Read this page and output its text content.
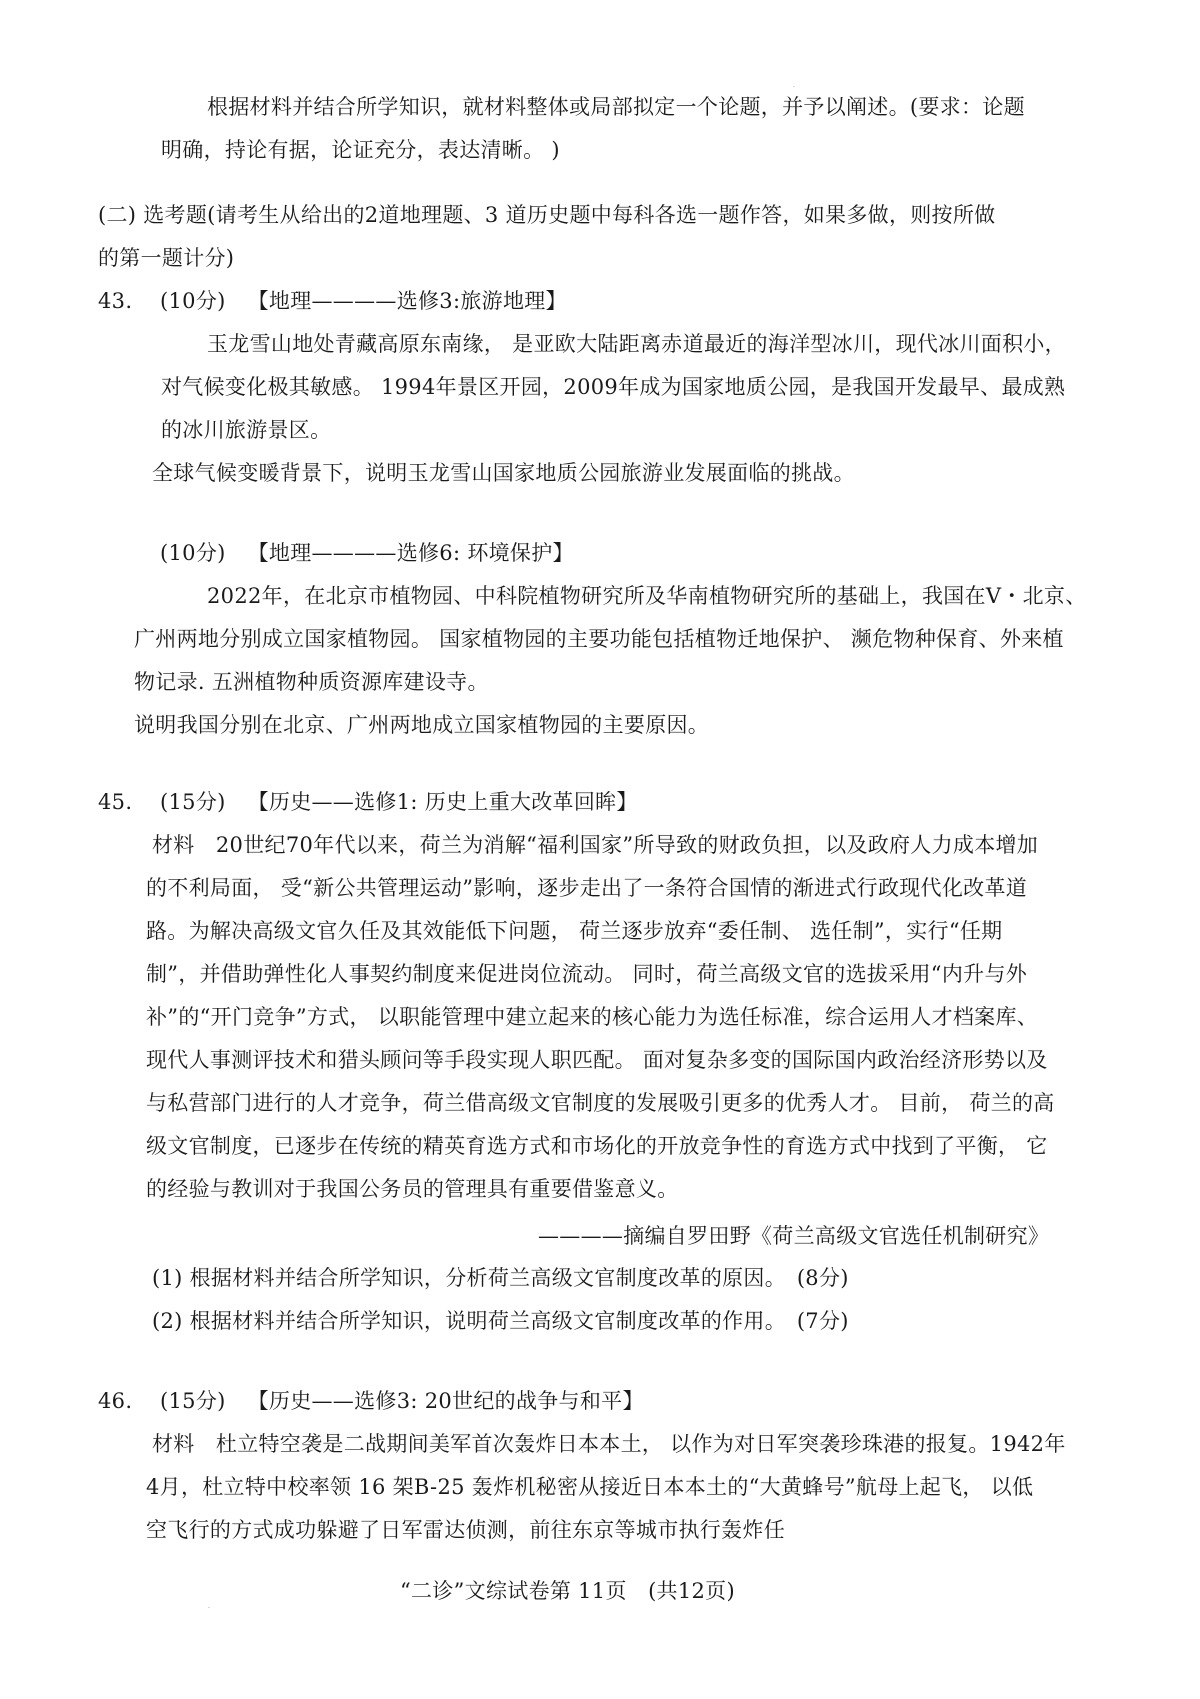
根据材料并结合所学知识，就材料整体或局部拟定一个论题，并予以阐述。(要求：论题
·
明确，持论有据，论证充分，表达清晰。 )
(二) 选考题(请考生从给出的2道地理题、3 道历史题中每科各选一题作答，如果多做，则按所做
的第一题计分)
43. (10分) 【地理————选修3:旅游地理】
玉龙雪山地处青藏高原东南缘， 是亚欧大陆距离赤道最近的海洋型冰川，现代冰川面积小，
对气候变化极其敏感。 1994年景区开园，2009年成为国家地质公园，是我国开发最早、最成熟
的冰川旅游景区。
全球气候变暖背景下，说明玉龙雪山国家地质公园旅游业发展面临的挑战。
(10分) 【地理————选修6: 环境保护】
2022年，在北京市植物园、中科院植物研究所及华南植物研究所的基础上，我国在V・北京、
广州两地分别成立国家植物园。 国家植物园的主要功能包括植物迁地保护、 濒危物种保育、外来植
物记录. 五洲植物种质资源库建设寺。
说明我国分别在北京、广州两地成立国家植物园的主要原因。
45. (15分) 【历史——选修1: 历史上重大改革回眸】
材料　20世纪70年代以来，荷兰为消解“福利国家”所导致的财政负担，以及政府人力成本增加
的不利局面， 受“新公共管理运动”影响，逐步走出了一条符合国情的渐进式行政现代化改革道
路。为解决高级文官久任及其效能低下问题， 荷兰逐步放弃“委任制、 选任制”，实行“任期
制”，并借助弹性化人事契约制度来促进岗位流动。 同时，荷兰高级文官的选拔采用“内升与外
补”的“开门竞争”方式， 以职能管理中建立起来的核心能力为选任标准，综合运用人才档案库、
现代人事测评技术和猎头顾问等手段实现人职匹配。 面对复杂多变的国际国内政治经济形势以及
与私营部门进行的人才竞争，荷兰借高级文官制度的发展吸引更多的优秀人才。 目前， 荷兰的高
级文官制度，已逐步在传统的精英育选方式和市场化的开放竞争性的育选方式中找到了平衡， 它
的经验与教训对于我国公务员的管理具有重要借鉴意义。
————摘编自罗田野《荷兰高级文官选任机制研究》
(1) 根据材料并结合所学知识，分析荷兰高级文官制度改革的原因。　(8分)
(2) 根据材料并结合所学知识，说明荷兰高级文官制度改革的作用。　(7分)
46. (15分) 【历史——选修3: 20世纪的战争与和平】
材料　杜立特空袭是二战期间美军首次轰炸日本本土， 以作为对日军突袭珍珠港的报复。1942年
4月，杜立特中校率领 16 架B-25 轰炸机秘密从接近日本本土的“大黄蜂号”航母上起飞， 以低
空飞行的方式成功躲避了日军雷达侦测，前往东京等城市执行轰炸任
“二诊”文综试卷第 11页　(共12页)
·
